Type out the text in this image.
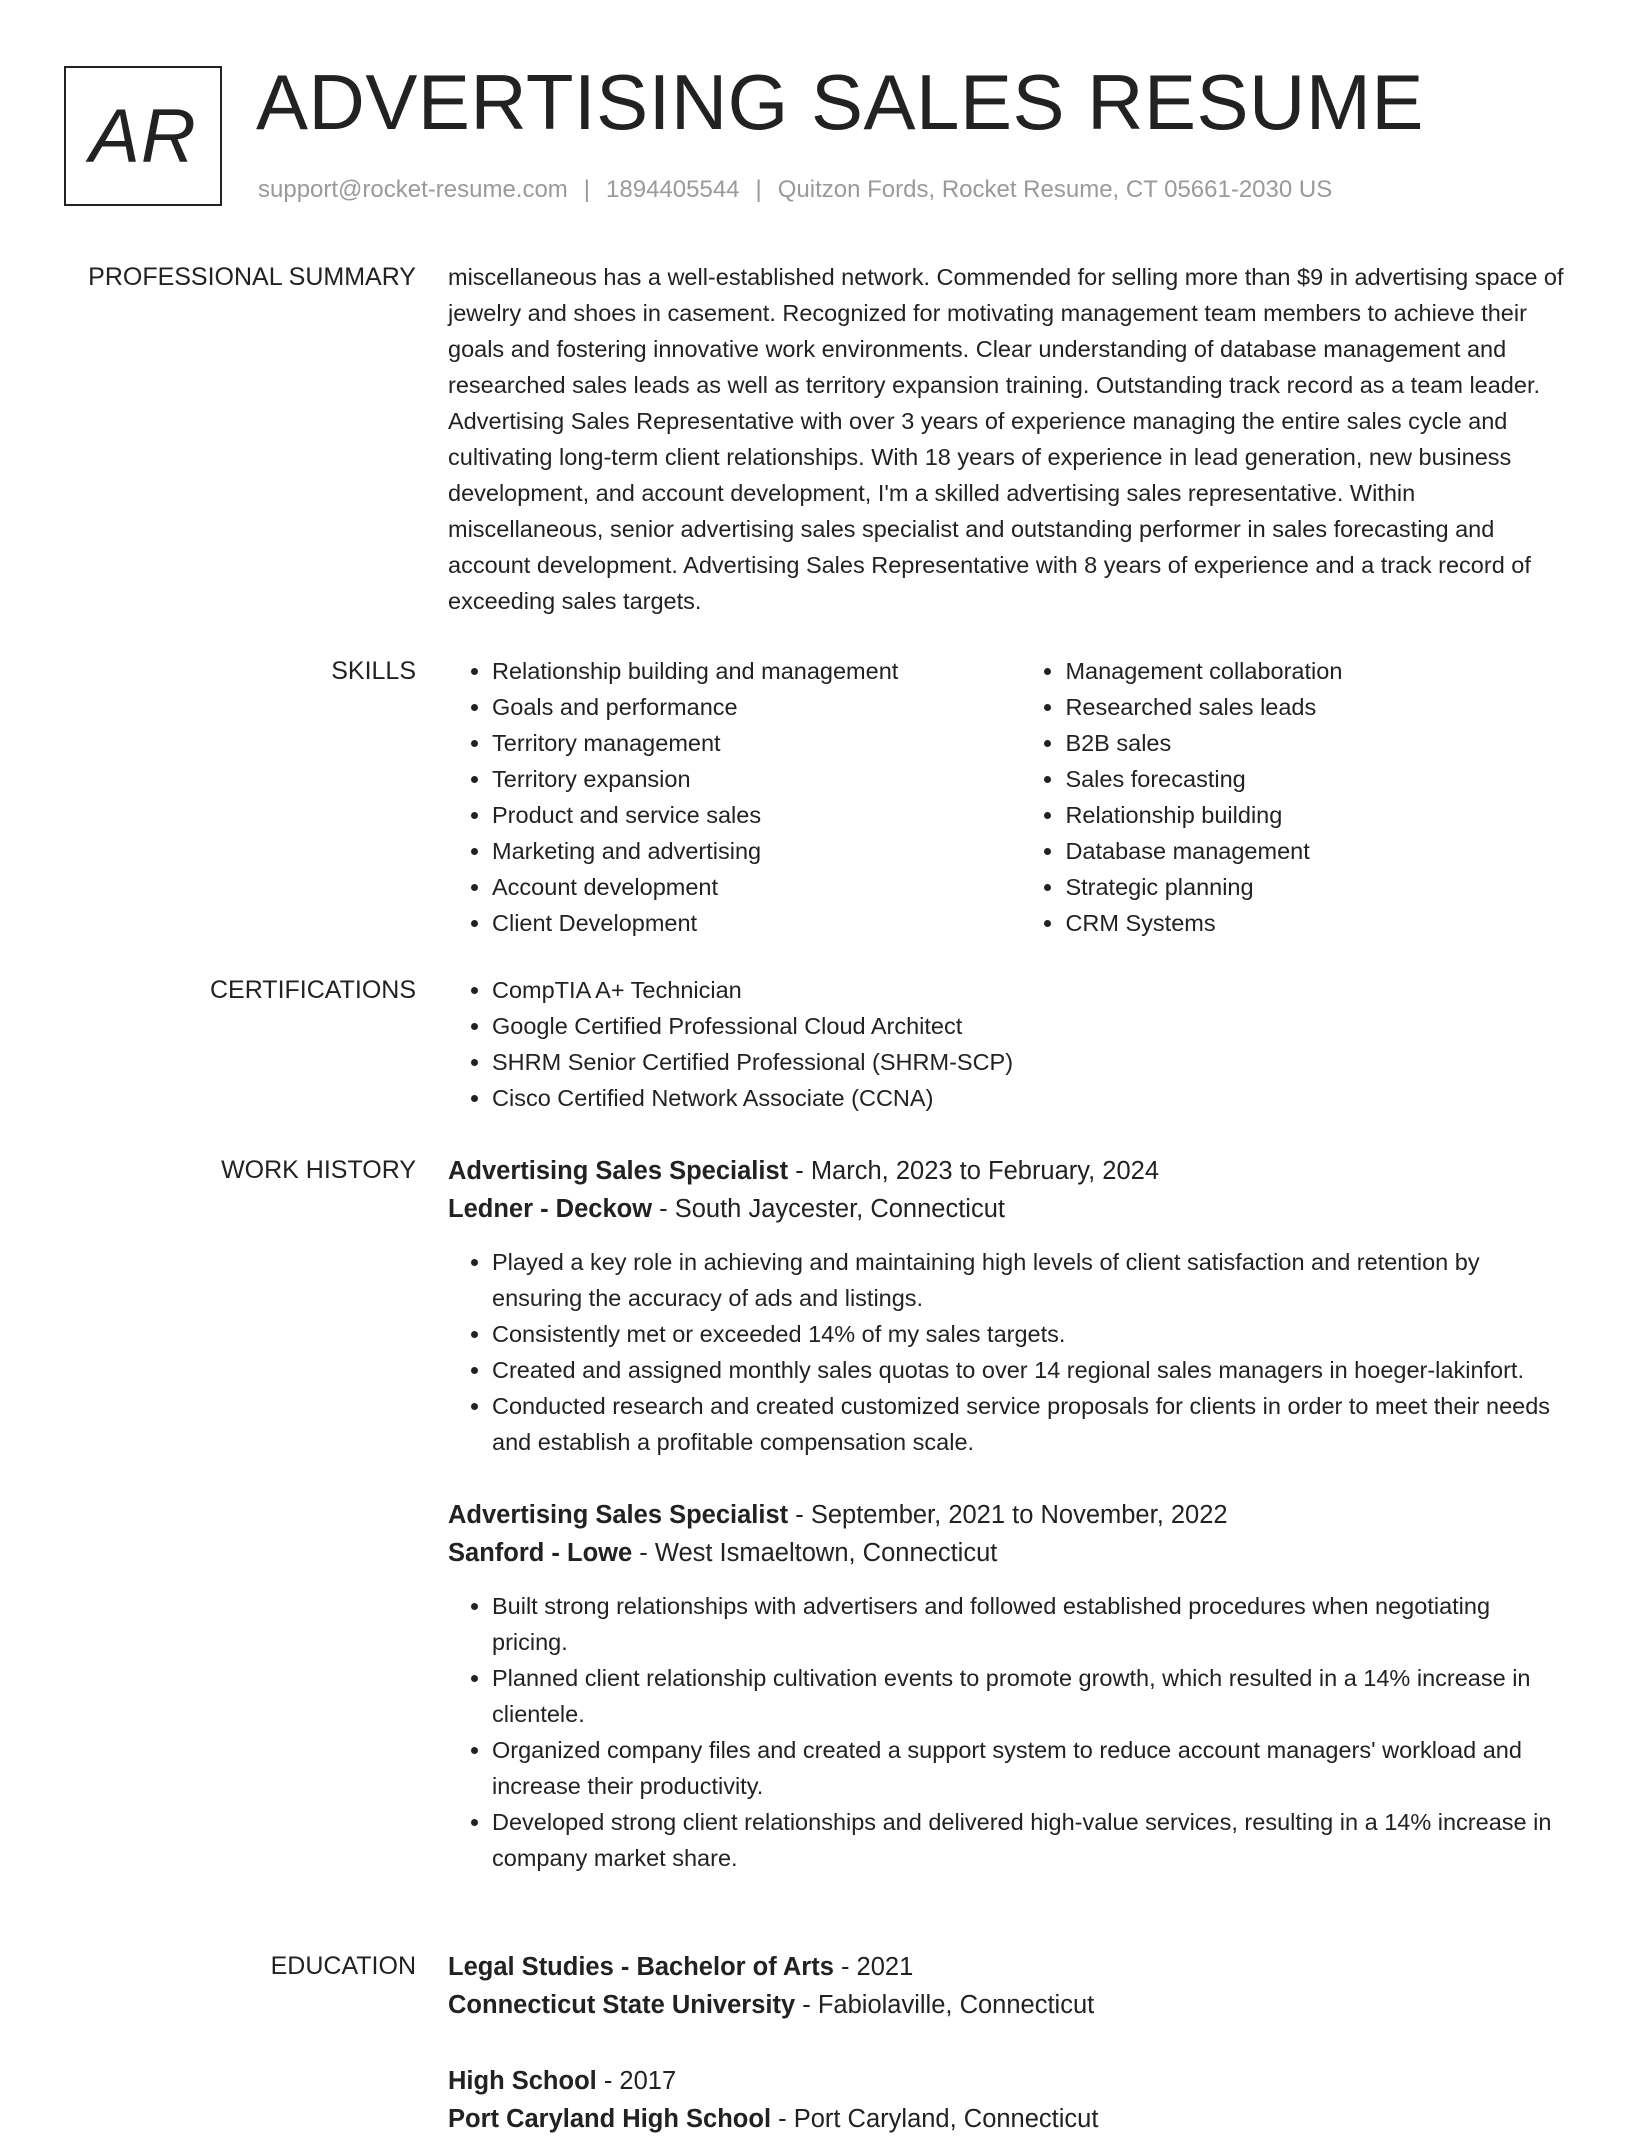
AR ADVERTISING SALES RESUME
support@rocket-resume.com | 1894405544 | Quitzon Fords, Rocket Resume, CT 05661-2030 US
PROFESSIONAL SUMMARY miscellaneous has a well-established network. Commended for selling more than $9 in advertising space of jewelry and shoes in casement. Recognized for motivating management team members to achieve their goals and fostering innovative work environments. Clear understanding of database management and researched sales leads as well as territory expansion training. Outstanding track record as a team leader. Advertising Sales Representative with over 3 years of experience managing the entire sales cycle and cultivating long-term client relationships. With 18 years of experience in lead generation, new business development, and account development, I'm a skilled advertising sales representative. Within miscellaneous, senior advertising sales specialist and outstanding performer in sales forecasting and account development. Advertising Sales Representative with 8 years of experience and a track record of exceeding sales targets.

SKILLS	• Relationship building and management
• Goals and performance
• Territory management
• Territory expansion
• Product and service sales
• Marketing and advertising
• Account development
• Client Development
• Management collaboration
• Researched sales leads
• B2B sales
• Sales forecasting
• Relationship building
• Database management
• Strategic planning
• CRM Systems
CERTIFICATIONS	• CompTIA A+ Technician
• Google Certified Professional Cloud Architect
• SHRM Senior Certified Professional (SHRM-SCP)
• Cisco Certified Network Associate (CCNA)
WORK HISTORY Advertising Sales Specialist - March, 2023 to February, 2024
Ledner - Deckow - South Jaycester, Connecticut
• Played a key role in achieving and maintaining high levels of client satisfaction and retention by ensuring the accuracy of ads and listings.
• Consistently met or exceeded 14% of my sales targets.
• Created and assigned monthly sales quotas to over 14 regional sales managers in hoeger-lakinfort.
• Conducted research and created customized service proposals for clients in order to meet their needs and establish a profitable compensation scale.
Advertising Sales Specialist - September, 2021 to November, 2022
Sanford - Lowe - West Ismaeltown, Connecticut
• Built strong relationships with advertisers and followed established procedures when negotiating pricing.
• Planned client relationship cultivation events to promote growth, which resulted in a 14% increase in clientele.
• Organized company files and created a support system to reduce account managers' workload and increase their productivity.
• Developed strong client relationships and delivered high-value services, resulting in a 14% increase in company market share.
EDUCATION Legal Studies - Bachelor of Arts - 2021
Connecticut State University - Fabiolaville, Connecticut
High School - 2017
Port Caryland High School - Port Caryland, Connecticut
